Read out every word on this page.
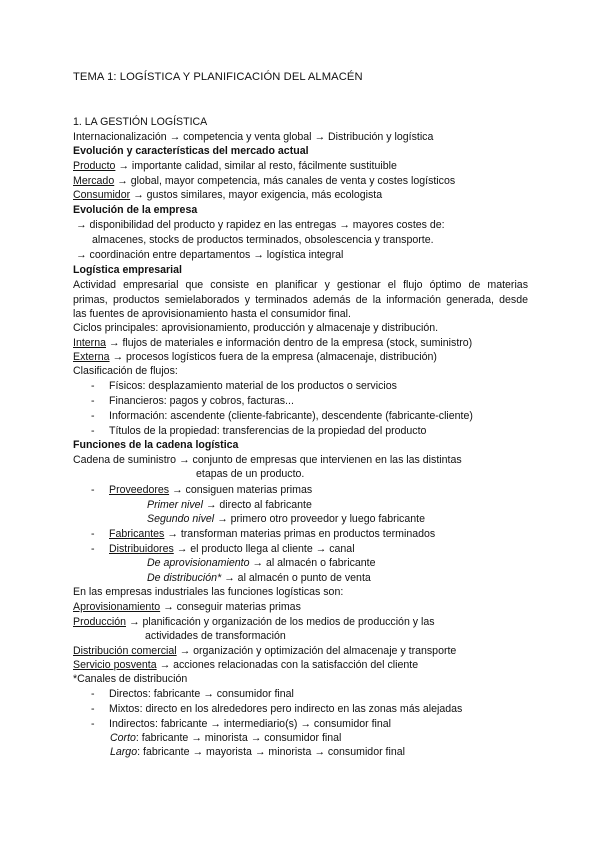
TEMA 1: LOGÍSTICA Y PLANIFICACIÓN DEL ALMACÉN
1. LA GESTIÓN LOGÍSTICA
Internacionalización → competencia y venta global → Distribución y logística
Evolución y características del mercado actual
Producto → importante calidad, similar al resto, fácilmente sustituible
Mercado → global, mayor competencia, más canales de venta y costes logísticos
Consumidor → gustos similares, mayor exigencia, más ecologista
Evolución de la empresa
→ disponibilidad del producto y rapidez en las entregas → mayores costes de:
almacenes, stocks de productos terminados, obsolescencia y transporte.
→ coordinación entre departamentos → logística integral
Logística empresarial
Actividad empresarial que consiste en planificar y gestionar el flujo óptimo de materias
primas, productos semielaborados y terminados además de la información generada, desde
las fuentes de aprovisionamiento hasta el consumidor final.
Ciclos principales: aprovisionamiento, producción y almacenaje y distribución.
Interna → flujos de materiales e información dentro de la empresa (stock, suministro)
Externa → procesos logísticos fuera de la empresa (almacenaje, distribución)
Clasificación de flujos:
- Físicos: desplazamiento material de los productos o servicios
- Financieros: pagos y cobros, facturas...
- Información: ascendente (cliente-fabricante), descendente (fabricante-cliente)
- Títulos de la propiedad: transferencias de la propiedad del producto
Funciones de la cadena logística
Cadena de suministro → conjunto de empresas que intervienen en las las distintas
etapas de un producto.
- Proveedores → consiguen materias primas
Primer nivel → directo al fabricante
Segundo nivel → primero otro proveedor y luego fabricante
- Fabricantes → transforman materias primas en productos terminados
- Distribuidores → el producto llega al cliente → canal
De aprovisionamiento → al almacén o fabricante
De distribución* → al almacén o punto de venta
En las empresas industriales las funciones logísticas son:
Aprovisionamiento → conseguir materias primas
Producción → planificación y organización de los medios de producción y las
actividades de transformación
Distribución comercial → organización y optimización del almacenaje y transporte
Servicio posventa → acciones relacionadas con la satisfacción del cliente
*Canales de distribución
- Directos: fabricante → consumidor final
- Mixtos: directo en los alrededores pero indirecto en las zonas más alejadas
- Indirectos: fabricante → intermediario(s) → consumidor final
Corto: fabricante → minorista → consumidor final
Largo: fabricante → mayorista → minorista → consumidor final
